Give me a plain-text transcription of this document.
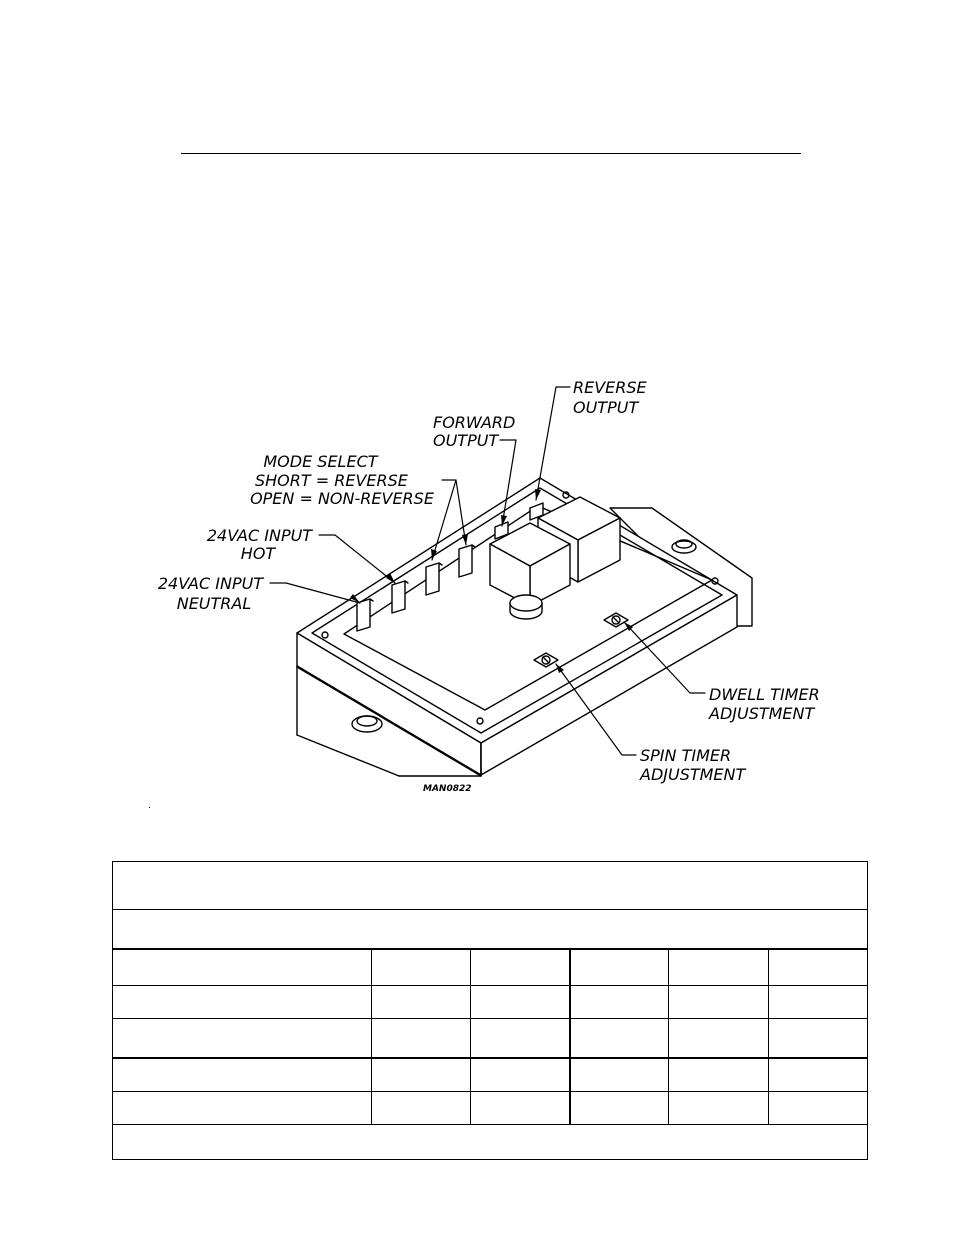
REVERSE OUTPUT
FORWARD OUTPUT
MODE SELECT SHORT = REVERSE OPEN = NON-REVERSE
24VAC INPUT HOT
24VAC INPUT NEUTRAL
DWELL TIMER ADJUSTMENT
SPIN TIMER ADJUSTMENT
MAN0822
